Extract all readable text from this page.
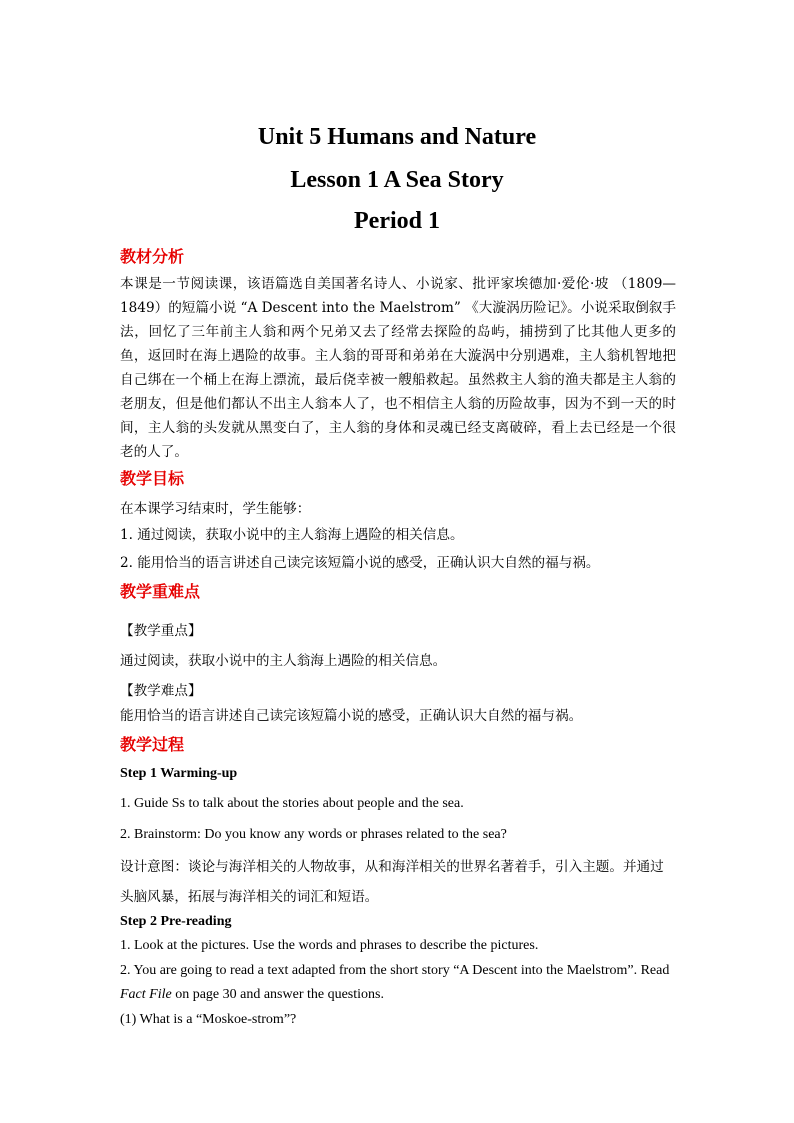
Unit 5 Humans and Nature
Lesson 1 A Sea Story
Period 1
教材分析

本课是一节阅读课，该语篇选自美国著名诗人、小说家、批评家埃德加·爱伦·坡 （1809—1849）的短篇小说 “A Descent into the Maelstrom” 《大漩涡历险记》。小说采取倒叙手法，回忆了三年前主人翁和两个兄弟又去了经常去探险的岛屿，捕捞到了比其他人更多的鱼，返回时在海上遇险的故事。主人翁的哥哥和弟弟在大漩涡中分别遇难，主人翁机智地把自己绑在一个桶上在海上漂流，最后侥幸被一艘船救起。虽然救主人翁的渔夫都是主人翁的老朋友，但是他们都认不出主人翁本人了，也不相信主人翁的历险故事，因为不到一天的时间，主人翁的头发就从黑变白了，主人翁的身体和灵魂已经支离破碎，看上去已经是一个很老的人了。

教学目标
在本课学习结束时，学生能够：
1. 通过阅读，获取小说中的主人翁海上遇险的相关信息。
2. 能用恰当的语言讲述自己读完该短篇小说的感受，正确认识大自然的福与祸。
教学重难点
【教学重点】
通过阅读，获取小说中的主人翁海上遇险的相关信息。
【教学难点】
能用恰当的语言讲述自己读完该短篇小说的感受，正确认识大自然的福与祸。
教学过程
Step 1 Warming-up
1. Guide Ss to talk about the stories about people and the sea.
2. Brainstorm: Do you know any words or phrases related to the sea?
设计意图：谈论与海洋相关的人物故事，从和海洋相关的世界名著着手，引入主题。并通过
头脑风暴，拓展与海洋相关的词汇和短语。
Step 2 Pre-reading
1. Look at the pictures. Use the words and phrases to describe the pictures.
2. You are going to read a text adapted from the short story “A Descent into the Maelstrom”. Read
Fact File on page 30 and answer the questions.
(1) What is a “Moskoe-strom”?
